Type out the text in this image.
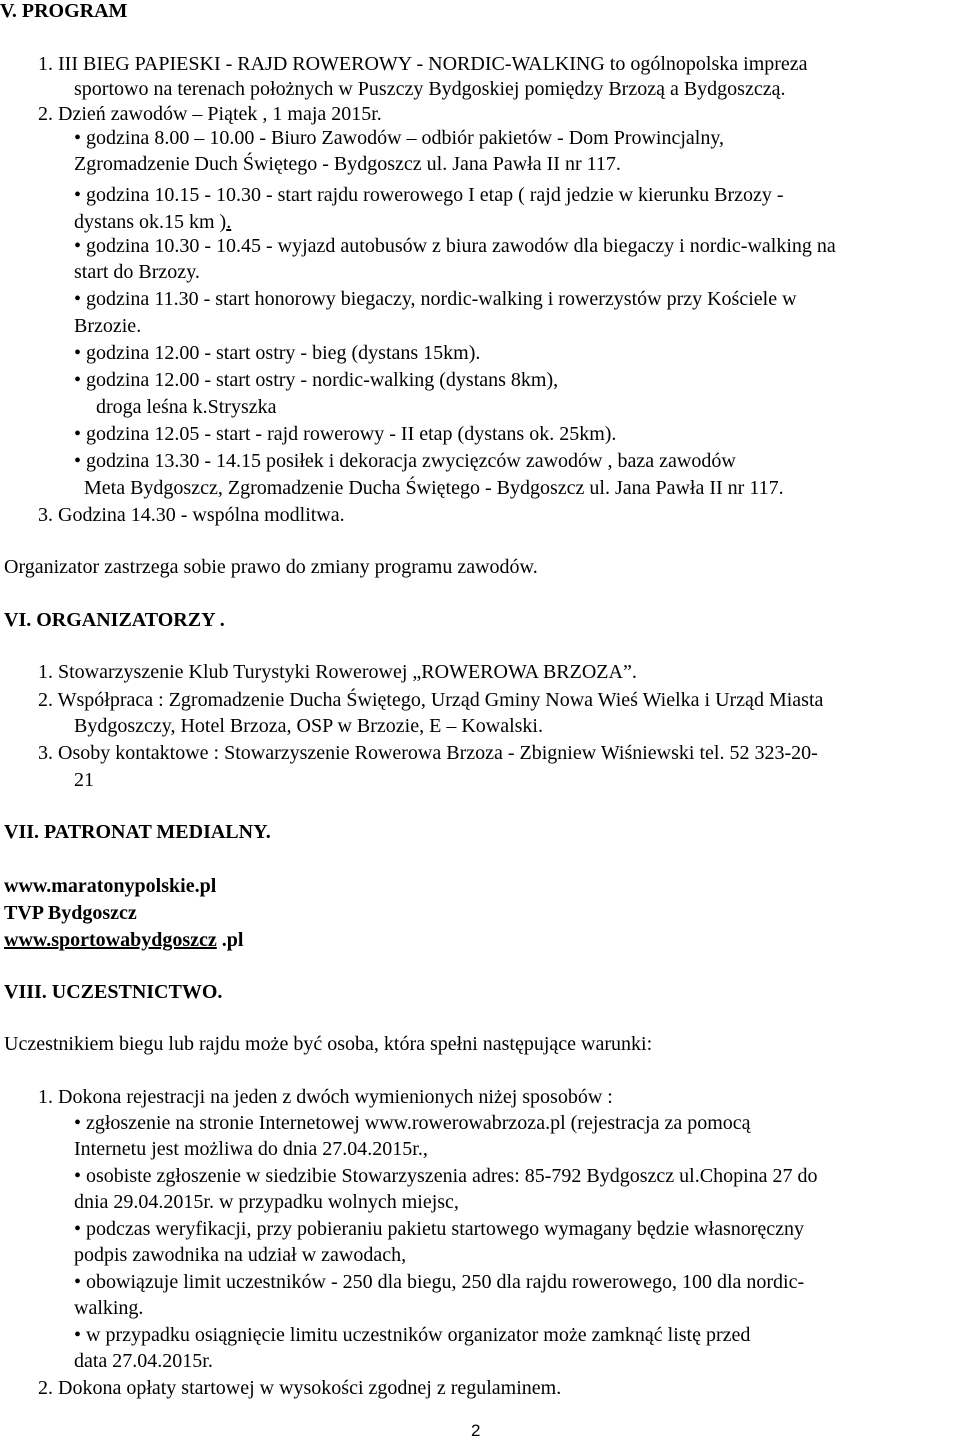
V. PROGRAM
1. III BIEG PAPIESKI - RAJD ROWEROWY - NORDIC-WALKING to ogólnopolska impreza
sportowo na terenach położnych w Puszczy Bydgoskiej pomiędzy Brzozą a Bydgoszczą.
2. Dzień zawodów – Piątek , 1 maja 2015r.
• godzina 8.00 – 10.00 - Biuro Zawodów – odbiór pakietów - Dom Prowincjalny,
Zgromadzenie Duch Świętego - Bydgoszcz ul. Jana Pawła II nr 117.
• godzina 10.15 - 10.30 - start rajdu rowerowego I etap ( rajd jedzie w kierunku Brzozy -
dystans ok.15 km ).
• godzina 10.30 - 10.45 - wyjazd autobusów z biura zawodów dla biegaczy i nordic-walking na
start do Brzozy.
• godzina 11.30 - start honorowy biegaczy, nordic-walking i rowerzystów przy Kościele w
Brzozie.
• godzina 12.00 - start ostry - bieg (dystans 15km).
• godzina 12.00 - start ostry - nordic-walking (dystans 8km),
droga leśna k.Stryszka
• godzina 12.05 - start - rajd rowerowy - II etap (dystans ok. 25km).
• godzina 13.30 - 14.15 posiłek i dekoracja zwycięzców zawodów , baza zawodów
Meta Bydgoszcz, Zgromadzenie Ducha Świętego - Bydgoszcz ul. Jana Pawła II nr 117.
3. Godzina 14.30 - wspólna modlitwa.
Organizator zastrzega sobie prawo do zmiany programu zawodów.
VI. ORGANIZATORZY .
1. Stowarzyszenie Klub Turystyki Rowerowej „ROWEROWA BRZOZA”.
2. Współpraca : Zgromadzenie Ducha Świętego, Urząd Gminy Nowa Wieś Wielka i Urząd Miasta
Bydgoszczy, Hotel Brzoza, OSP w Brzozie, E – Kowalski.
3. Osoby kontaktowe : Stowarzyszenie Rowerowa Brzoza - Zbigniew Wiśniewski tel. 52 323-20-
21
VII. PATRONAT MEDIALNY.
www.maratonypolskie.pl
TVP Bydgoszcz
www.sportowabydgoszcz .pl
VIII. UCZESTNICTWO.
Uczestnikiem biegu lub rajdu może być osoba, która spełni następujące warunki:
1. Dokona rejestracji na jeden z dwóch wymienionych niżej sposobów :
• zgłoszenie na stronie Internetowej www.rowerowabrzoza.pl (rejestracja za pomocą
Internetu jest możliwa do dnia 27.04.2015r.,
• osobiste zgłoszenie w siedzibie Stowarzyszenia adres: 85-792 Bydgoszcz ul.Chopina 27 do
dnia 29.04.2015r. w przypadku wolnych miejsc,
• podczas weryfikacji, przy pobieraniu pakietu startowego wymagany będzie własnoręczny
podpis zawodnika na udział w zawodach,
• obowiązuje limit uczestników - 250 dla biegu, 250 dla rajdu rowerowego, 100 dla nordic-
walking.
• w przypadku osiągnięcie limitu uczestników organizator może zamknąć listę przed
data 27.04.2015r.
2. Dokona opłaty startowej w wysokości zgodnej z regulaminem.
2
